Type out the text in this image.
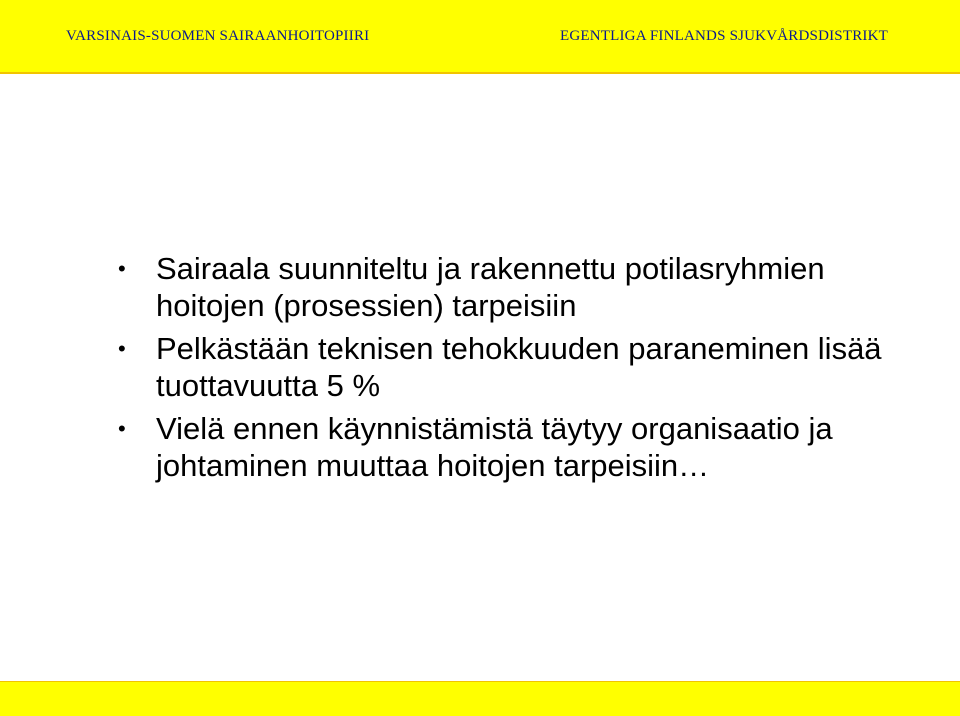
VARSINAIS-SUOMEN SAIRAANHOITOPIIRI	EGENTLIGA FINLANDS SJUKVÅRDSDISTRIKT
• Sairaala suunniteltu ja rakennettu potilasryhmien hoitojen (prosessien) tarpeisiin
• Pelkästään teknisen tehokkuuden paraneminen lisää tuottavuutta 5 %
• Vielä ennen käynnistämistä täytyy organisaatio ja johtaminen muuttaa hoitojen tarpeisiin…
